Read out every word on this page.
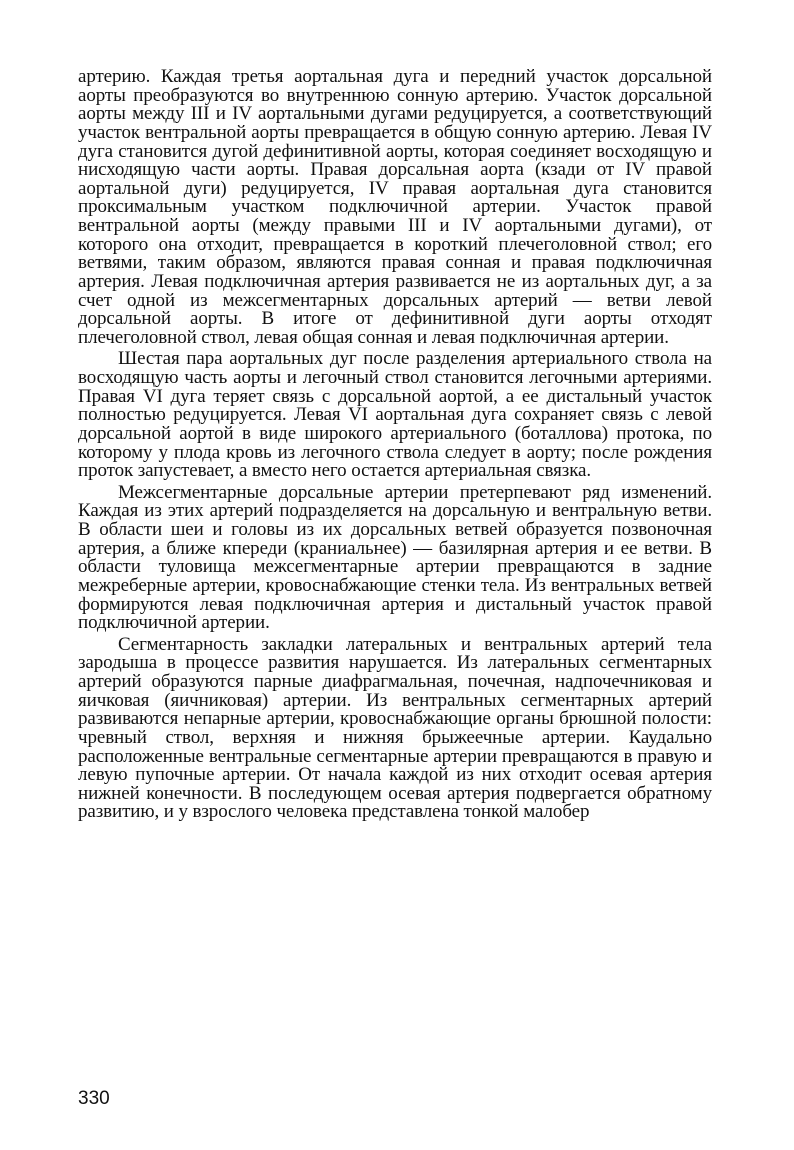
артерию. Каждая третья аортальная дуга и передний участок дорсальной аорты преобразуются во внутреннюю сонную артерию. Участок дорсальной аорты между III и IV аортальными дугами редуцируется, а соответствующий участок вентральной аорты превращается в общую сонную артерию. Левая IV дуга становится дугой дефинитивной аорты, которая соединяет восходящую и нисходящую части аорты. Правая дорсальная аорта (кзади от IV правой аортальной дуги) редуцируется, IV правая аортальная дуга становится проксимальным участком подключичной артерии. Участок правой вентральной аорты (между правыми III и IV аортальными дугами), от которого она отходит, превращается в короткий плечеголовной ствол; его ветвями, таким образом, являются правая сонная и правая подключичная артерия. Левая подключичная артерия развивается не из аортальных дуг, а за счет одной из межсегментарных дорсальных артерий — ветви левой дорсальной аорты. В итоге от дефинитивной дуги аорты отходят плечеголовной ствол, левая общая сонная и левая подключичная артерии.

Шестая пара аортальных дуг после разделения артериального ствола на восходящую часть аорты и легочный ствол становится легочными артериями. Правая VI дуга теряет связь с дорсальной аортой, а ее дистальный участок полностью редуцируется. Левая VI аортальная дуга сохраняет связь с левой дорсальной аортой в виде широкого артериального (боталлова) протока, по которому у плода кровь из легочного ствола следует в аорту; после рождения проток запустевает, а вместо него остается артериальная связка.

Межсегментарные дорсальные артерии претерпевают ряд изменений. Каждая из этих артерий подразделяется на дорсальную и вентральную ветви. В области шеи и головы из их дорсальных ветвей образуется позвоночная артерия, а ближе кпереди (краниальнее) — базилярная артерия и ее ветви. В области туловища межсегментарные артерии превращаются в задние межреберные артерии, кровоснабжающие стенки тела. Из вентральных ветвей формируются левая подключичная артерия и дистальный участок правой подключичной артерии.

Сегментарность закладки латеральных и вентральных артерий тела зародыша в процессе развития нарушается. Из латеральных сегментарных артерий образуются парные диафрагмальная, почечная, надпочечниковая и яичковая (яичниковая) артерии. Из вентральных сегментарных артерий развиваются непарные артерии, кровоснабжающие органы брюшной полости: чревный ствол, верхняя и нижняя брыжеечные артерии. Каудально расположенные вентральные сегментарные артерии превращаются в правую и левую пупочные артерии. От начала каждой из них отходит осевая артерия нижней конечности. В последующем осевая артерия подвергается обратному развитию, и у взрослого человека представлена тонкой малобер

330
